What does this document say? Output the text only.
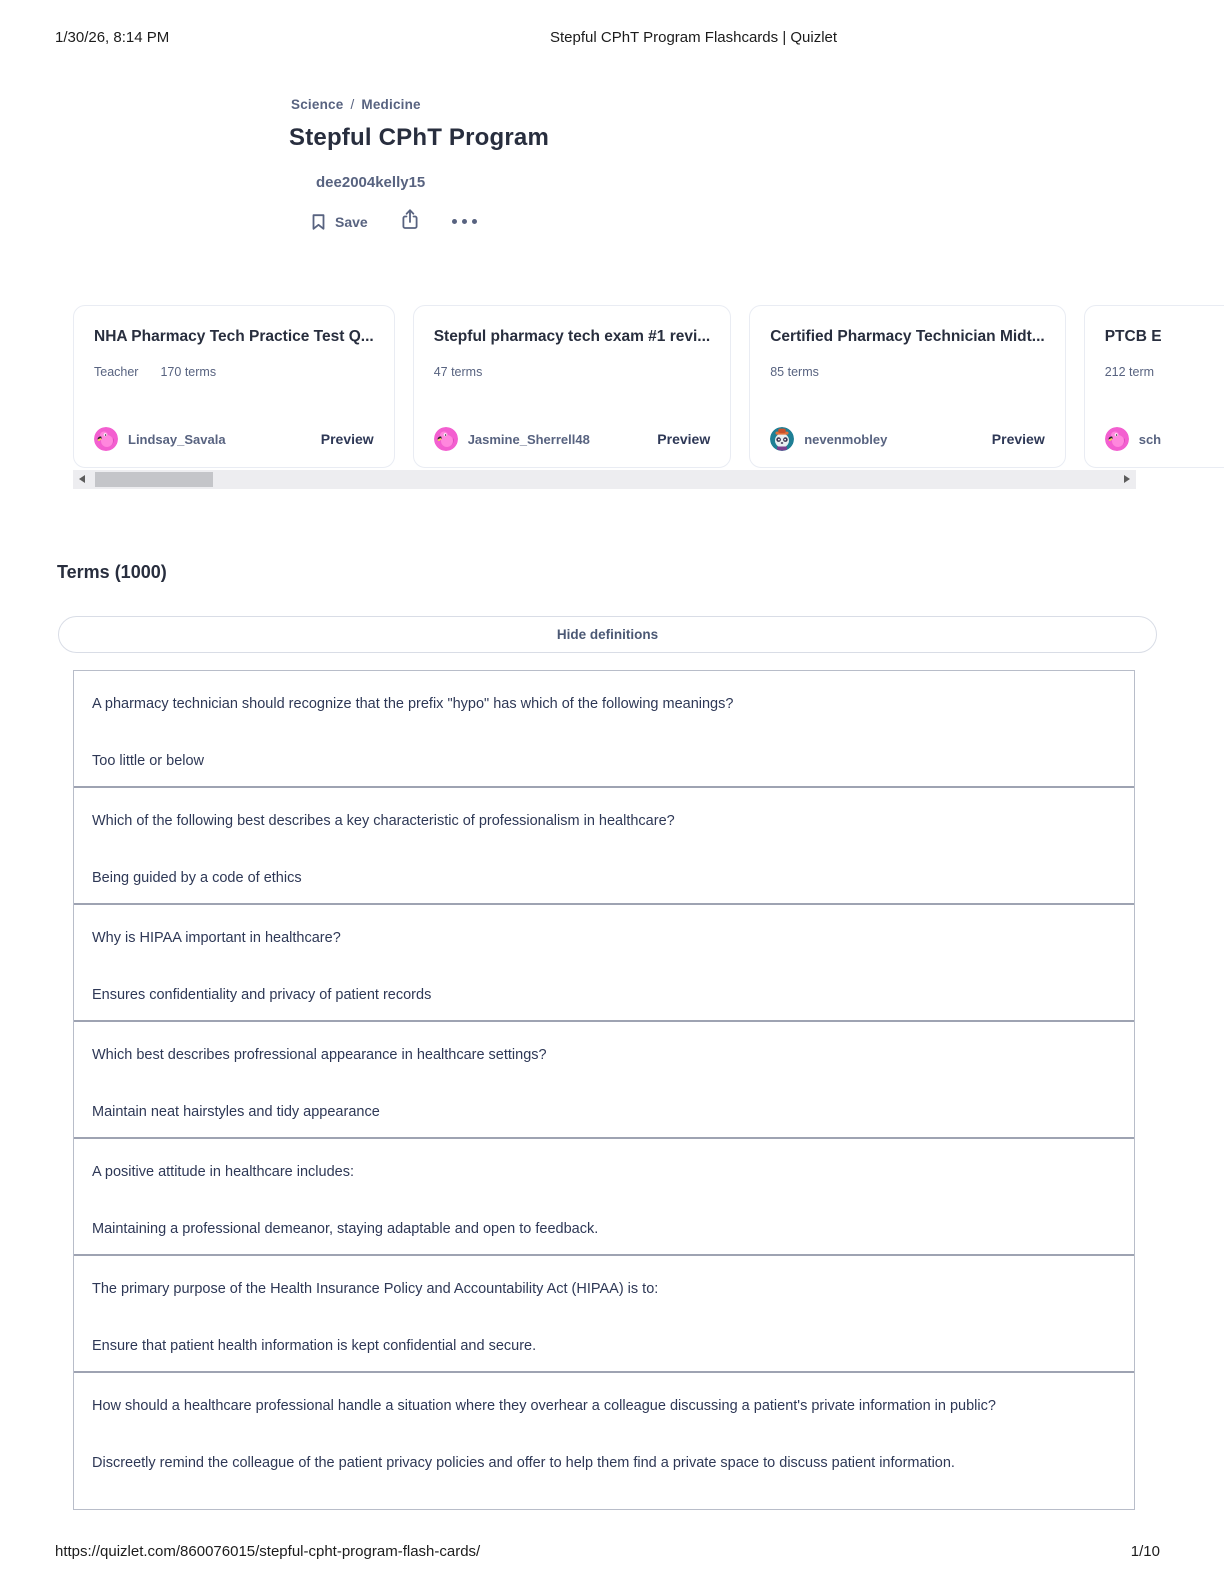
1/30/26, 8:14 PM	Stepful CPhT Program Flashcards | Quizlet
Science / Medicine
Stepful CPhT Program
dee2004kelly15
Save
NHA Pharmacy Tech Practice Test Q...
Teacher 170 terms
Lindsay_Savala	Preview
Stepful pharmacy tech exam #1 revi...
47 terms
Jasmine_Sherrell48	Preview
Certified Pharmacy Technician Midt...
85 terms
nevenmobley	Preview
PTCB E
212 term
sch
Terms (1000)
Hide definitions

A pharmacy technician should recognize that the prefix "hypo" has which of the following meanings?

Too little or below

Which of the following best describes a key characteristic of professionalism in healthcare?

Being guided by a code of ethics

Why is HIPAA important in healthcare?

Ensures confidentiality and privacy of patient records

Which best describes profressional appearance in healthcare settings?

Maintain neat hairstyles and tidy appearance

A positive attitude in healthcare includes:

Maintaining a professional demeanor, staying adaptable and open to feedback.

The primary purpose of the Health Insurance Policy and Accountability Act (HIPAA) is to:

Ensure that patient health information is kept confidential and secure.

How should a healthcare professional handle a situation where they overhear a colleague discussing a patient's private information in public?

Discreetly remind the colleague of the patient privacy policies and offer to help them find a private space to discuss patient information.

https://quizlet.com/860076015/stepful-cpht-program-flash-cards/	1/10
